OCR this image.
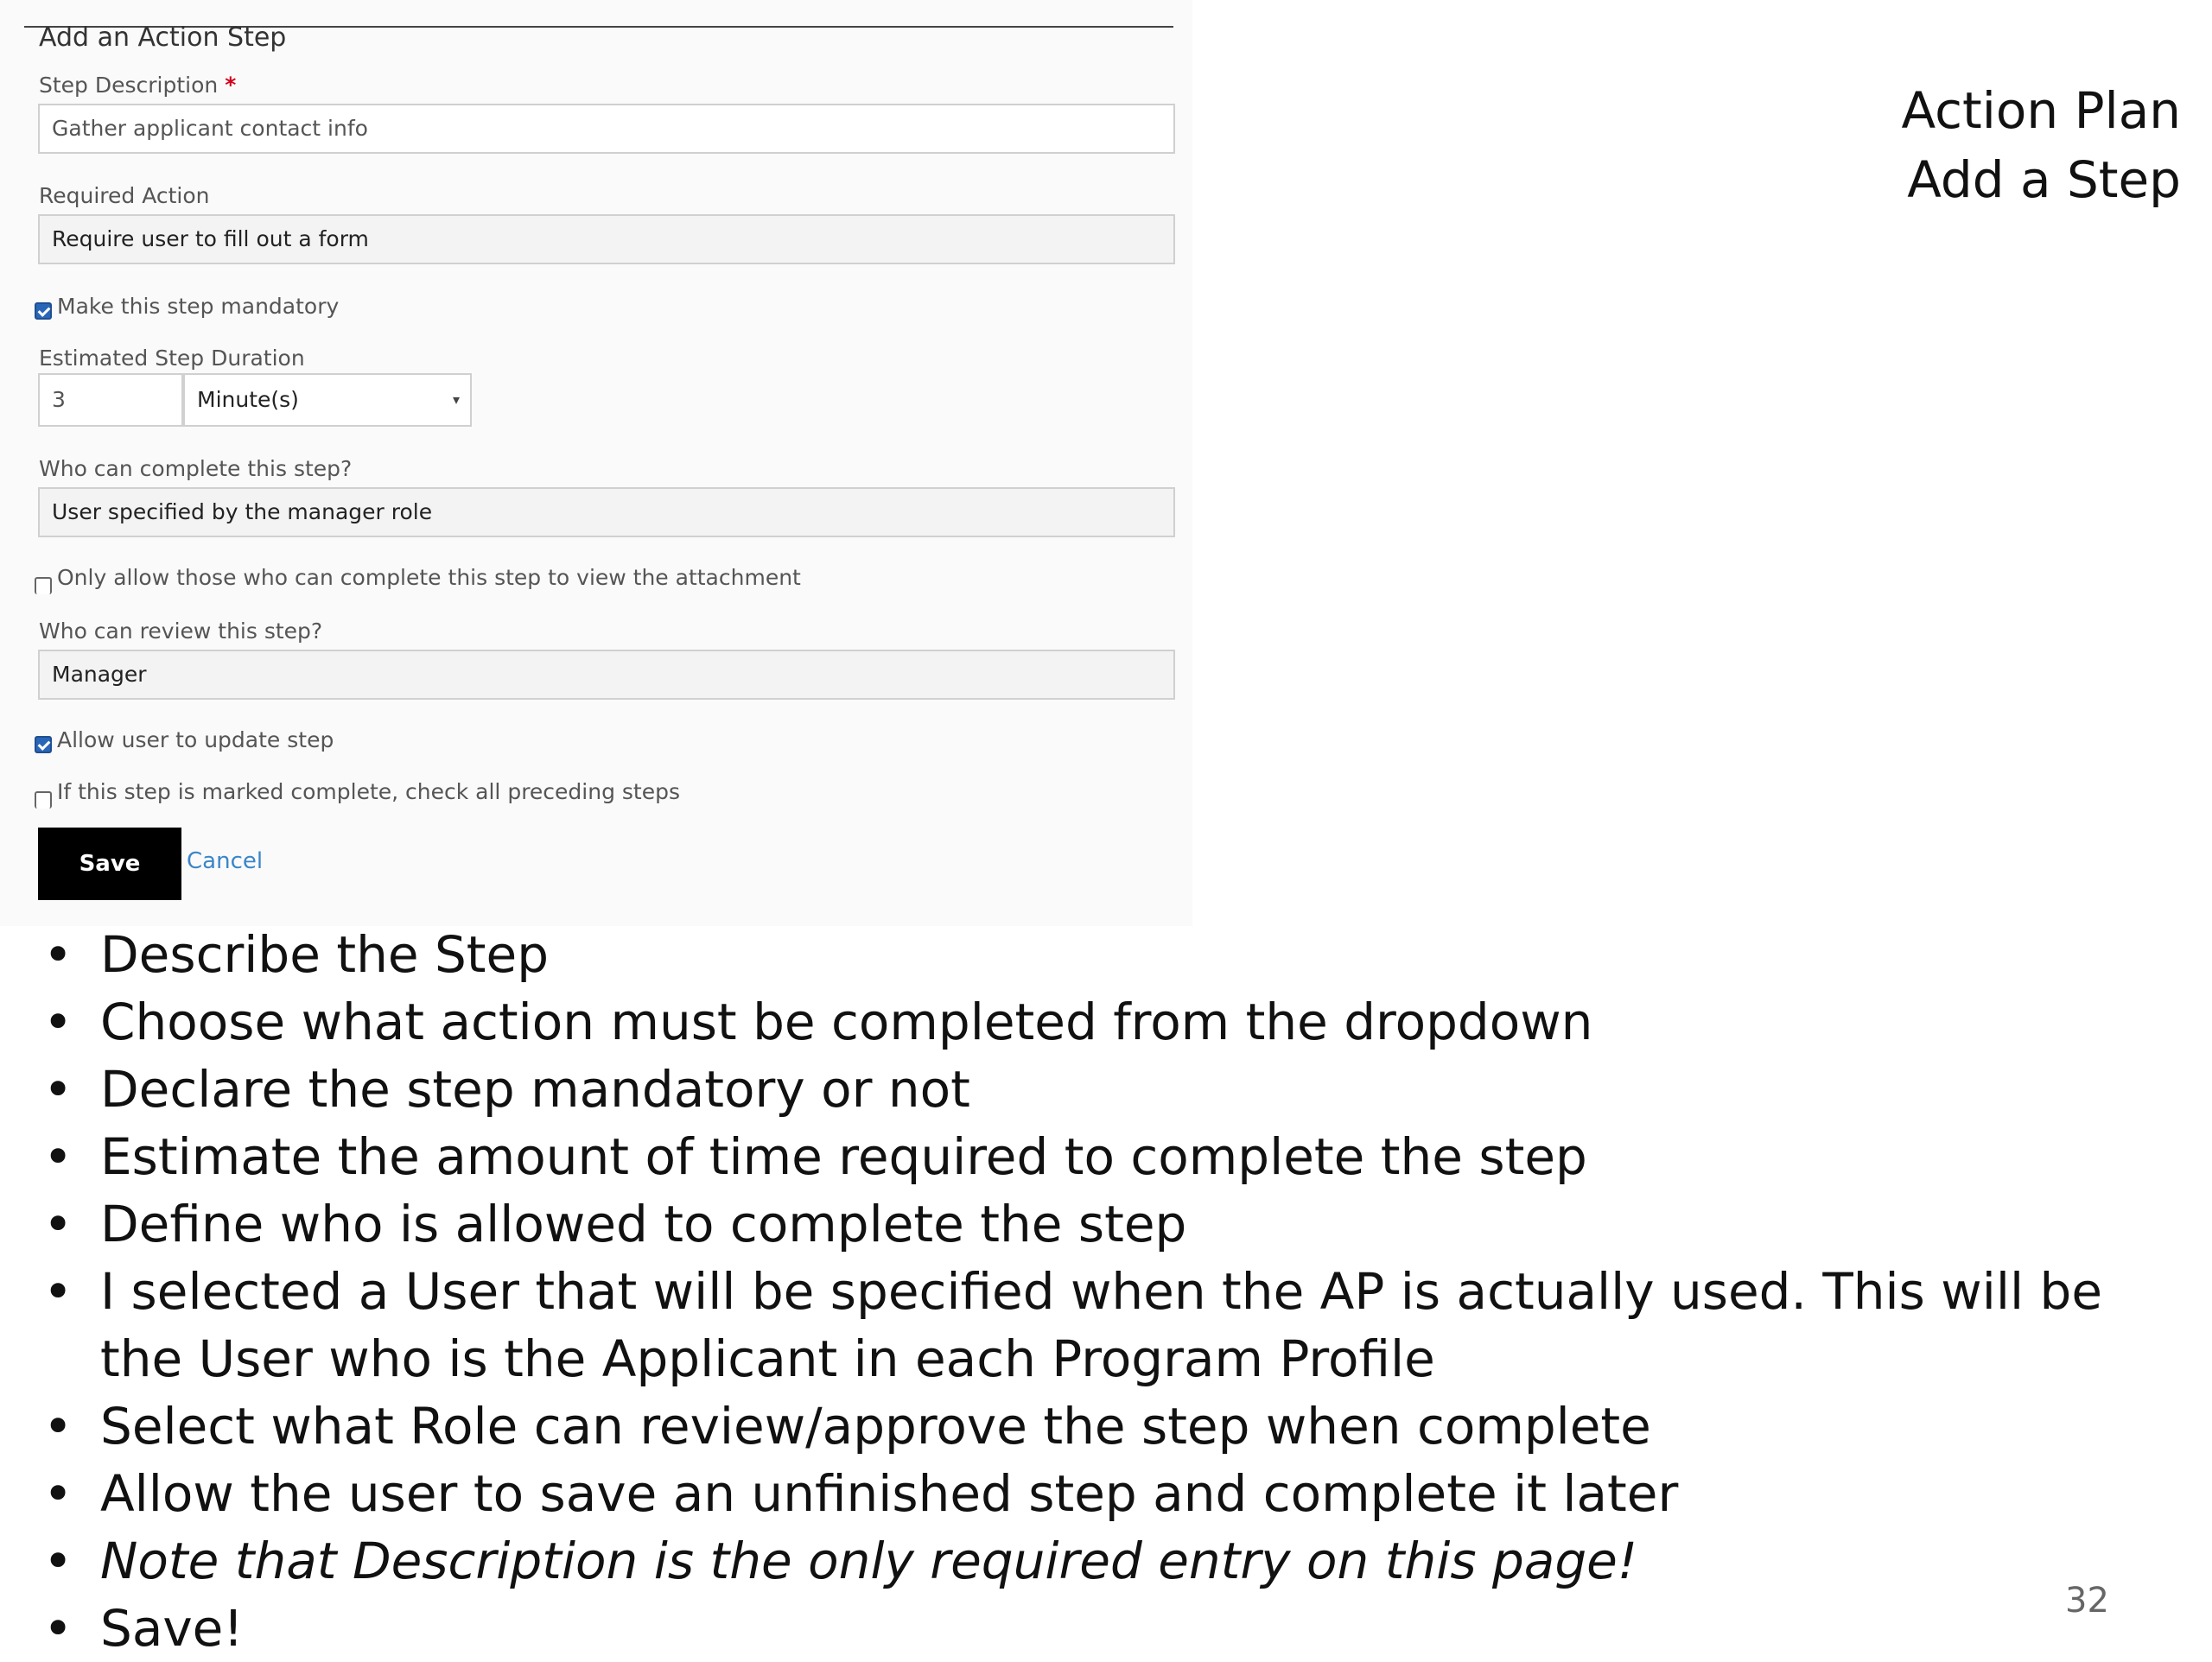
Add an Action Step
Step Description *
Gather applicant contact info
Required Action
Require user to fill out a form
Make this step mandatory
Estimated Step Duration
3	Minute(s)	▾
Who can complete this step?
User specified by the manager role
Only allow those who can complete this step to view the attachment
Who can review this step?
Manager
Allow user to update step
If this step is marked complete, check all preceding steps
Save	Cancel
Action Plan
Add a Step
• Describe the Step
• Choose what action must be completed from the dropdown
• Declare the step mandatory or not
• Estimate the amount of time required to complete the step
• Define who is allowed to complete the step
• I selected a User that will be specified when the AP is actually used. This will be the User who is the Applicant in each Program Profile
• Select what Role can review/approve the step when complete
• Allow the user to save an unfinished step and complete it later
• Note that Description is the only required entry on this page!
• Save!	32
